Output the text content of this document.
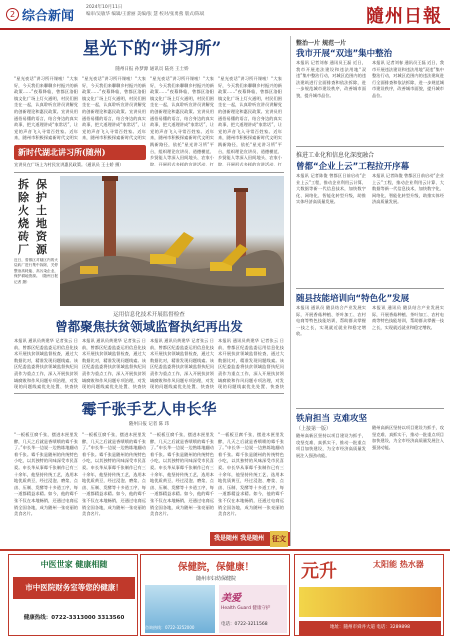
2 综合新闻
2024年10月11日
编审/吴敏华 编辑/王蕾丽 美编/张 慧 校对/张勇燕 版式/陈斌	隨州日報
星光下的“讲习所”
随州日报 孙梦源 通讯员 陆亮 王士娇
“星光夜话”讲习所开课啦！“大家好，今天我们来聊聊乡村振兴的新政策……”夜幕降临，曾都区洛阳镇文化广场上灯火通明，村民们围坐在一起，认真聆听宣讲员讲解党的创新理论和惠民政策。宣讲员用通俗易懂的语言，结合身边的真实故事，把大道理讲成“家常话”，让党的声音飞入寻常百姓家。近年来，随州市积极探索新时代文明实
“星光夜话”讲习所开课啦！“大家好，今天我们来聊聊乡村振兴的新政策……”夜幕降临，曾都区洛阳镇文化广场上灯火通明，村民们围坐在一起，认真聆听宣讲员讲解党的创新理论和惠民政策。宣讲员用通俗易懂的语言，结合身边的真实故事，把大道理讲成“家常话”，让党的声音飞入寻常百姓家。近年来，随州市积极探索新时代文明实
“星光夜话”讲习所开课啦！“大家好，今天我们来聊聊乡村振兴的新政策……”夜幕降临，曾都区洛阳镇文化广场上灯火通明，村民们围坐在一起，认真聆听宣讲员讲解党的创新理论和惠民政策。宣讲员用通俗易懂的语言，结合身边的真实故事，把大道理讲成“家常话”，让党的声音飞入寻常百姓家。近年来，随州市积极探索新时代文明实践新路径，依托“星光讲习所”平台，组织理论宣讲员、道德模范、乡贤能人等深入田间地头、农家小院，开展形式多样的宣讲活动，打
“星光夜话”讲习所开课啦！“大家好，今天我们来聊聊乡村振兴的新政策……”夜幕降临，曾都区洛阳镇文化广场上灯火通明，村民们围坐在一起，认真聆听宣讲员讲解党的创新理论和惠民政策。宣讲员用通俗易懂的语言，结合身边的真实故事，把大道理讲成“家常话”，让党的声音飞入寻常百姓家。近年来，随州市积极探索新时代文明实践新路径，依托“星光讲习所”平台，组织理论宣讲员、道德模范、乡贤能人等深入田间地头、农家小院，开展形式多样的宣讲活动，打
新时代湖北讲习所(随州)
宣讲员在广场上为村民宣讲惠民政策。（通讯员 王士娇 摄）
拆 除 火 烧 砖 厂
保 护 土 地 资 源
近日，曾都区对辖区内的火烧砖厂进行集中拆除，关停整治高耗能、高污染企业，保护耕地资源。（随州日报 记者 摄）
运用信息化技术开展监督检查
曾都聚焦扶贫领域监督执纪再出发
本报讯 通讯员黄建华 记者张云 日前，曾都区纪委监委运用信息化技术开展扶贫领域监督检查，通过大数据比对，精准发现问题线索。该区纪委监委将扶贫领域监督执纪问责作为重点工作，深入开展扶贫领域腐败和作风问题专项治理，对发现的问题线索优先处置、快查快
本报讯 通讯员黄建华 记者张云 日前，曾都区纪委监委运用信息化技术开展扶贫领域监督检查，通过大数据比对，精准发现问题线索。该区纪委监委将扶贫领域监督执纪问责作为重点工作，深入开展扶贫领域腐败和作风问题专项治理，对发现的问题线索优先处置、快查快
本报讯 通讯员黄建华 记者张云 日前，曾都区纪委监委运用信息化技术开展扶贫领域监督检查，通过大数据比对，精准发现问题线索。该区纪委监委将扶贫领域监督执纪问责作为重点工作，深入开展扶贫领域腐败和作风问题专项治理，对发现的问题线索优先处置、快查快
本报讯 通讯员黄建华 记者张云 日前，曾都区纪委监委运用信息化技术开展扶贫领域监督检查，通过大数据比对，精准发现问题线索。该区纪委监委将扶贫领域监督执纪问责作为重点工作，深入开展扶贫领域腐败和作风问题专项治理，对发现的问题线索优先处置、快查快
霉千张手艺人申长华
随州日报 记者 陈 玮
“一板板豆腐千张，摆进木匣里发酵，几天之后就是香喷喷的霉千张了。”申长华一边说一边熟练地翻动着千张。霉千张是随州的传统特色小吃，以其独特的风味深受市民喜爱。申长华从事霉千张制作已有三十余年，他坚持传统工艺，选用本地优质黄豆，经过浸泡、磨浆、点卤、压制、发酵等十多道工序，每一道都精益求精。如今，他的霉千张不仅在本地畅销，还通过电商远销全国各地，成为随州一张亮丽的美食名片。
“一板板豆腐千张，摆进木匣里发酵，几天之后就是香喷喷的霉千张了。”申长华一边说一边熟练地翻动着千张。霉千张是随州的传统特色小吃，以其独特的风味深受市民喜爱。申长华从事霉千张制作已有三十余年，他坚持传统工艺，选用本地优质黄豆，经过浸泡、磨浆、点卤、压制、发酵等十多道工序，每一道都精益求精。如今，他的霉千张不仅在本地畅销，还通过电商远销全国各地，成为随州一张亮丽的美食名片。
“一板板豆腐千张，摆进木匣里发酵，几天之后就是香喷喷的霉千张了。”申长华一边说一边熟练地翻动着千张。霉千张是随州的传统特色小吃，以其独特的风味深受市民喜爱。申长华从事霉千张制作已有三十余年，他坚持传统工艺，选用本地优质黄豆，经过浸泡、磨浆、点卤、压制、发酵等十多道工序，每一道都精益求精。如今，他的霉千张不仅在本地畅销，还通过电商远销全国各地，成为随州一张亮丽的美食名片。
“一板板豆腐千张，摆进木匣里发酵，几天之后就是香喷喷的霉千张了。”申长华一边说一边熟练地翻动着千张。霉千张是随州的传统特色小吃，以其独特的风味深受市民喜爱。申长华从事霉千张制作已有三十余年，他坚持传统工艺，选用本地优质黄豆，经过浸泡、磨浆、点卤、压制、发酵等十多道工序，每一道都精益求精。如今，他的霉千张不仅在本地畅销，还通过电商远销全国各地，成为随州一张亮丽的美食名片。
整治一片 规范一片
我市开展“双违”集中整治
本报讯 记者刘春 通讯员王磊 近日，我市开展违法建设和违法用地“双违”集中整治行动，对城区范围内的违法建筑进行全面排查和依法拆除，进一步规范城市建设秩序，改善城市面貌，提升城市品位。
本报讯 记者刘春 通讯员王磊 近日，我市开展违法建设和违法用地“双违”集中整治行动，对城区范围内的违法建筑进行全面排查和依法拆除，进一步规范城市建设秩序，改善城市面貌，提升城市品位。
推进工业化和信息化深度融合
曾都“企业上云”工程拉开序幕
本报讯 记者陈俊 曾都区日前启动“企业上云”工程，推动企业利用云计算、大数据等新一代信息技术，加快数字化、网络化、智能化转型升级，助推实体经济高质量发展。
本报讯 记者陈俊 曾都区日前启动“企业上云”工程，推动企业利用云计算、大数据等新一代信息技术，加快数字化、网络化、智能化转型升级，助推实体经济高质量发展。
随县技能培训向“特色化”发展
本报讯 通讯员 随县结合产业发展实际，开展香菇种植、茶叶加工、农村电商等特色技能培训，帮助群众掌握一技之长，实现就近就业和稳定增收。
本报讯 通讯员 随县结合产业发展实际，开展香菇种植、茶叶加工、农村电商等特色技能培训，帮助群众掌握一技之长，实现就近就业和稳定增收。
铁肩担当 克难攻坚
（上接第一版）
随州高新区坚持以项目建设为抓手，攻坚克难、真抓实干，推动一批重点项目加快建设，为全市经济高质量发展注入强劲动能。
随州高新区坚持以项目建设为抓手，攻坚克难、真抓实干，推动一批重点项目加快建设，为全市经济高质量发展注入强劲动能。
我是随州 我是随州	征文
中医世家 健康相随
市中医院财务室等您的健康！
健康热线：0722-3313000 3313560
保健院，保健康！
随州市妇幼保健院
美爱
Health Guard 健康守护
电话：0722-3211568
咨询热线：0722-3252000
元升	太阳能 热水器
地址：随州市舜井大道 电话：3289898
